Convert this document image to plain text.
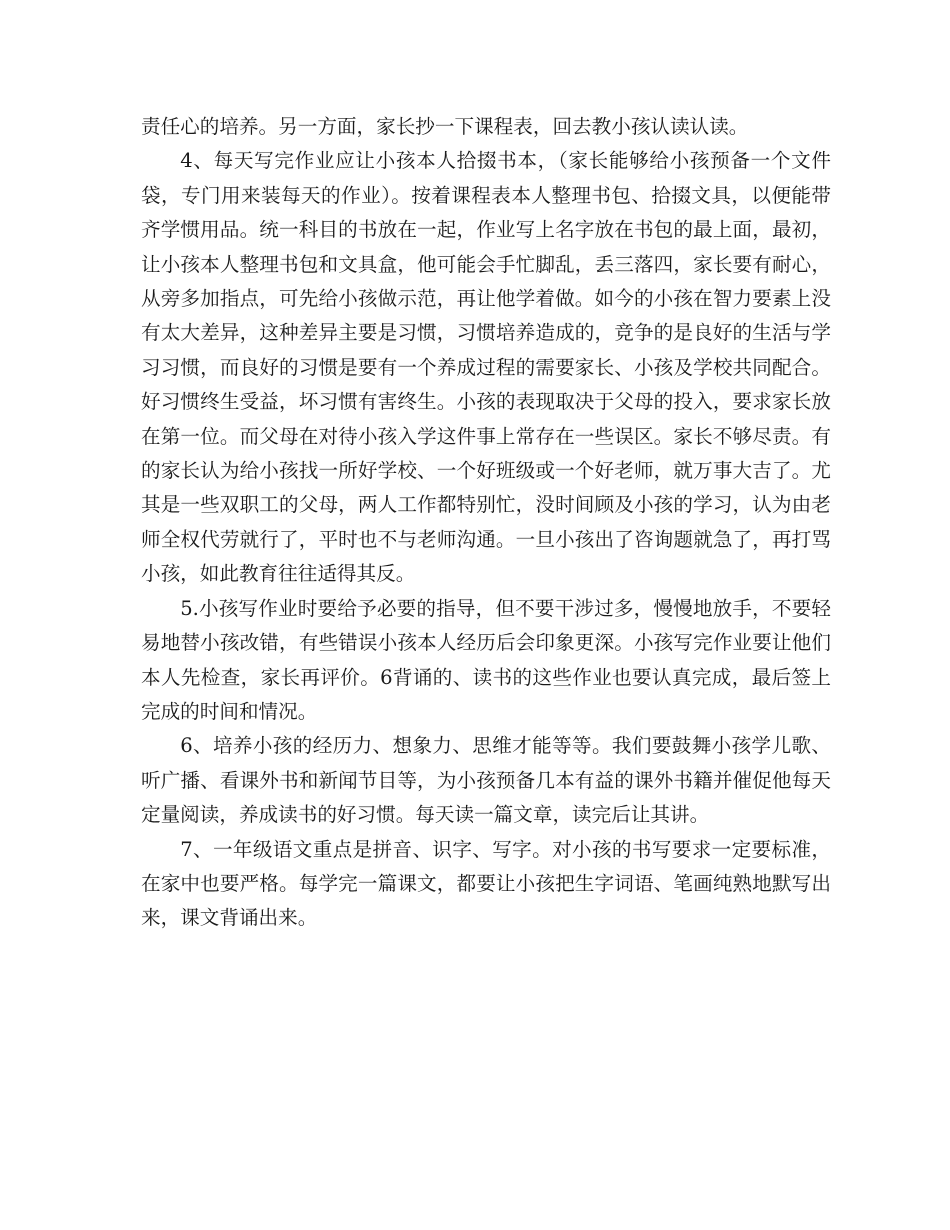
责任心的培养。另一方面，家长抄一下课程表，回去教小孩认读认读。

4、每天写完作业应让小孩本人拾掇书本，（家长能够给小孩预备一个文件袋，专门用来装每天的作业）。按着课程表本人整理书包、拾掇文具，以便能带齐学惯用品。统一科目的书放在一起，作业写上名字放在书包的最上面，最初，让小孩本人整理书包和文具盒，他可能会手忙脚乱，丢三落四，家长要有耐心，从旁多加指点，可先给小孩做示范，再让他学着做。如今的小孩在智力要素上没有太大差异，这种差异主要是习惯，习惯培养造成的，竞争的是良好的生活与学习习惯，而良好的习惯是要有一个养成过程的需要家长、小孩及学校共同配合。好习惯终生受益，坏习惯有害终生。小孩的表现取决于父母的投入，要求家长放在第一位。而父母在对待小孩入学这件事上常存在一些误区。家长不够尽责。有的家长认为给小孩找一所好学校、一个好班级或一个好老师，就万事大吉了。尤其是一些双职工的父母，两人工作都特别忙，没时间顾及小孩的学习，认为由老师全权代劳就行了，平时也不与老师沟通。一旦小孩出了咨询题就急了，再打骂小孩，如此教育往往适得其反。

5.小孩写作业时要给予必要的指导，但不要干涉过多，慢慢地放手，不要轻易地替小孩改错，有些错误小孩本人经历后会印象更深。小孩写完作业要让他们本人先检查，家长再评价。6背诵的、读书的这些作业也要认真完成，最后签上完成的时间和情况。

6、培养小孩的经历力、想象力、思维才能等等。我们要鼓舞小孩学儿歌、听广播、看课外书和新闻节目等，为小孩预备几本有益的课外书籍并催促他每天定量阅读，养成读书的好习惯。每天读一篇文章，读完后让其讲。

7、一年级语文重点是拼音、识字、写字。对小孩的书写要求一定要标准，在家中也要严格。每学完一篇课文，都要让小孩把生字词语、笔画纯熟地默写出来，课文背诵出来。
